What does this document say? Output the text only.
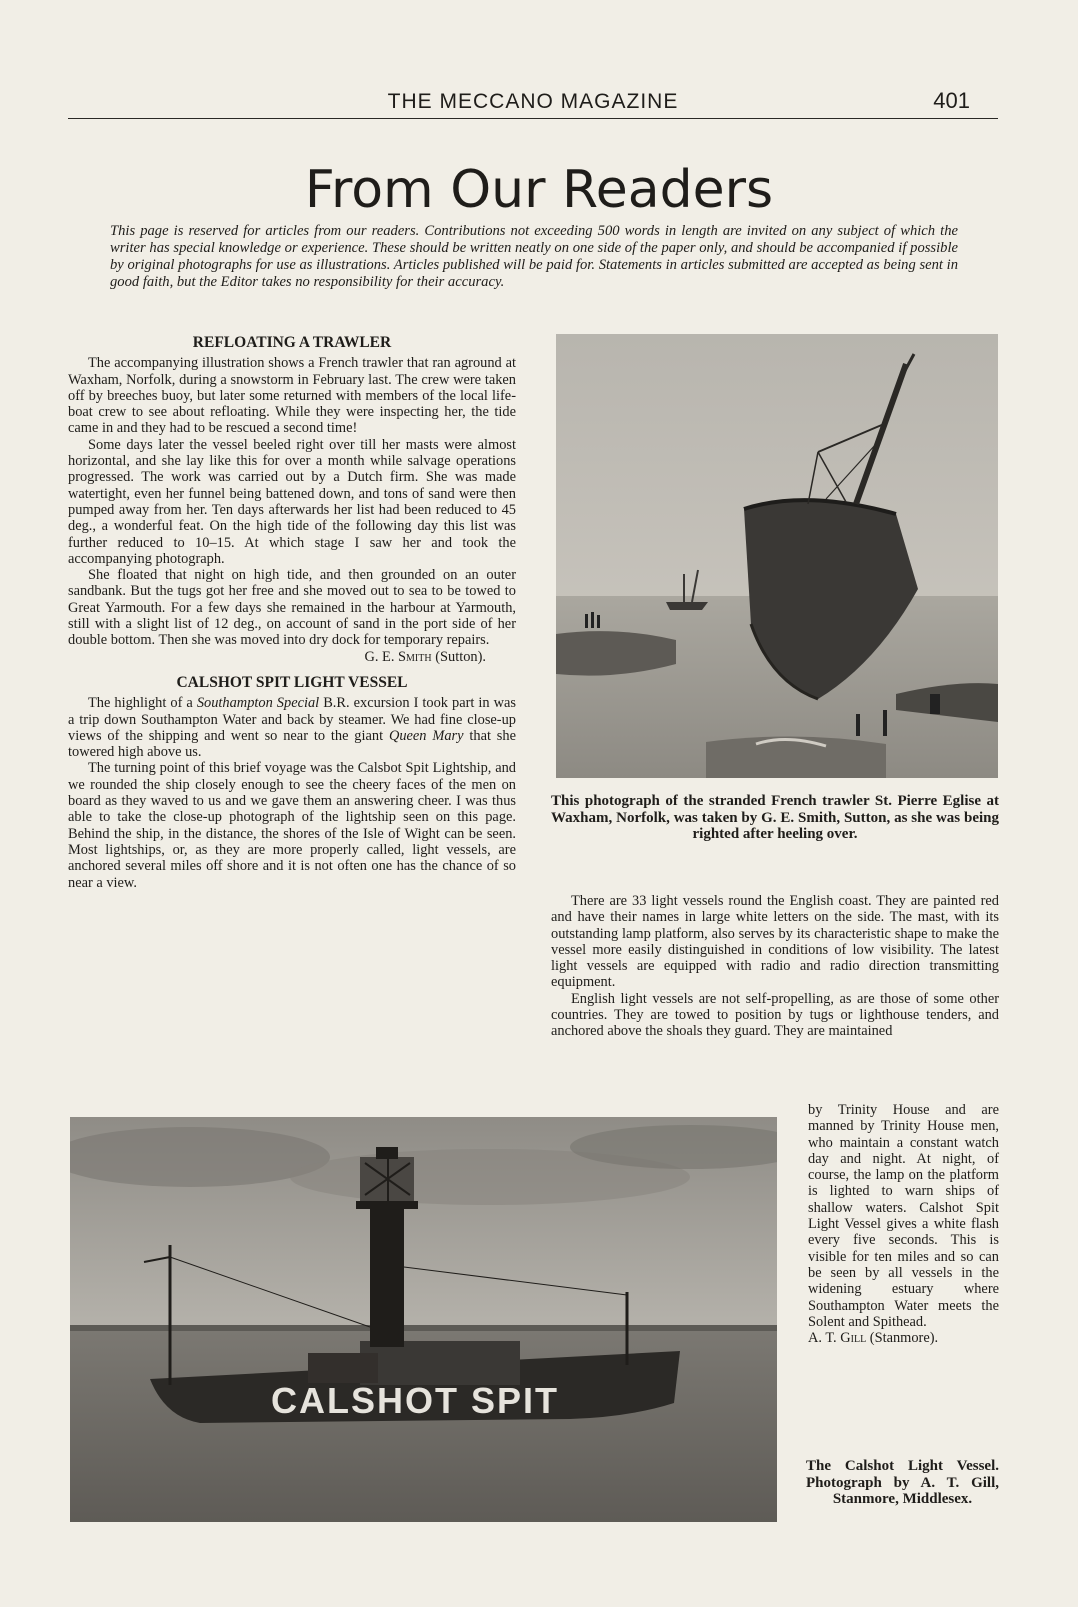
THE MECCANO MAGAZINE	401
From Our Readers

This page is reserved for articles from our readers. Contributions not exceeding 500 words in length are invited on any subject of which the writer has special knowledge or experience. These should be written neatly on one side of the paper only, and should be accompanied if possible by original photographs for use as illustrations. Articles published will be paid for. Statements in articles submitted are accepted as being sent in good faith, but the Editor takes no responsibility for their accuracy.

REFLOATING A TRAWLER

The accompanying illustration shows a French trawler that ran aground at Waxham, Norfolk, during a snowstorm in February last. The crew were taken off by breeches buoy, but later some returned with members of the local life-boat crew to see about refloating. While they were inspecting her, the tide came in and they had to be rescued a second time!

Some days later the vessel beeled right over till her masts were almost horizontal, and she lay like this for over a month while salvage operations progressed. The work was carried out by a Dutch firm. She was made watertight, even her funnel being battened down, and tons of sand were then pumped away from her. Ten days afterwards her list had been reduced to 45 deg., a wonderful feat. On the high tide of the following day this list was further reduced to 10–15. At which stage I saw her and took the accompanying photograph.

She floated that night on high tide, and then grounded on an outer sandbank. But the tugs got her free and she moved out to sea to be towed to Great Yarmouth. For a few days she remained in the harbour at Yarmouth, still with a slight list of 12 deg., on account of sand in the port side of her double bottom. Then she was moved into dry dock for temporary repairs.

G. E. Smith (Sutton).

CALSHOT SPIT LIGHT VESSEL

The highlight of a Southampton Special B.R. excursion I took part in was a trip down Southampton Water and back by steamer. We had fine close-up views of the shipping and went so near to the giant Queen Mary that she towered high above us.

The turning point of this brief voyage was the Calsbot Spit Lightship, and we rounded the ship closely enough to see the cheery faces of the men on board as they waved to us and we gave them an answering cheer. I was thus able to take the close-up photograph of the lightship seen on this page. Behind the ship, in the distance, the shores of the Isle of Wight can be seen. Most lightships, or, as they are more properly called, light vessels, are anchored several miles off shore and it is not often one has the chance of so near a view.

This photograph of the stranded French trawler St. Pierre Eglise at Waxham, Norfolk, was taken by G. E. Smith, Sutton, as she was being righted after heeling over.

There are 33 light vessels round the English coast. They are painted red and have their names in large white letters on the side. The mast, with its outstanding lamp platform, also serves by its characteristic shape to make the vessel more easily distinguished in conditions of low visibility. The latest light vessels are equipped with radio and radio direction transmitting equipment.

English light vessels are not self-propelling, as are those of some other countries. They are towed to position by tugs or lighthouse tenders, and anchored above the shoals they guard. They are maintained

by Trinity House and are manned by Trinity House men, who maintain a constant watch day and night. At night, of course, the lamp on the platform is lighted to warn ships of shallow waters. Calshot Spit Light Vessel gives a white flash every five seconds. This is visible for ten miles and so can be seen by all vessels in the widening estuary where Southampton Water meets the Solent and Spithead.

A. T. Gill (Stanmore).

CALSHOT SPIT

The Calshot Light Vessel. Photograph by A. T. Gill, Stanmore, Middlesex.
